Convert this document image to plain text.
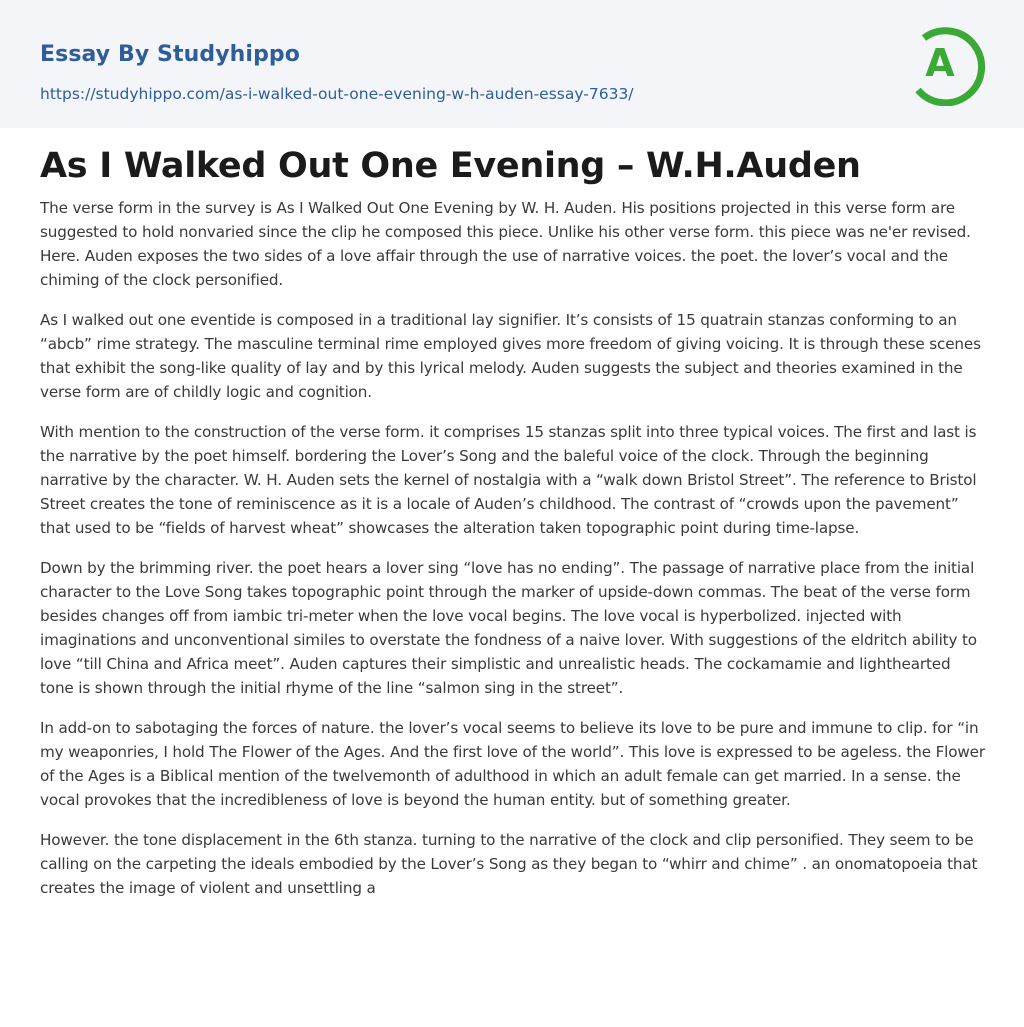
Essay By Studyhippo
https://studyhippo.com/as-i-walked-out-one-evening-w-h-auden-essay-7633/
A
As I Walked Out One Evening – W.H.Auden

The verse form in the survey is As I Walked Out One Evening by W. H. Auden. His positions projected in this verse form are suggested to hold nonvaried since the clip he composed this piece. Unlike his other verse form. this piece was ne'er revised. Here. Auden exposes the two sides of a love affair through the use of narrative voices. the poet. the lover’s vocal and the chiming of the clock personified.

As I walked out one eventide is composed in a traditional lay signifier. It’s consists of 15 quatrain stanzas conforming to an “abcb” rime strategy. The masculine terminal rime employed gives more freedom of giving voicing. It is through these scenes that exhibit the song-like quality of lay and by this lyrical melody. Auden suggests the subject and theories examined in the verse form are of childly logic and cognition.

With mention to the construction of the verse form. it comprises 15 stanzas split into three typical voices. The first and last is the narrative by the poet himself. bordering the Lover’s Song and the baleful voice of the clock. Through the beginning narrative by the character. W. H. Auden sets the kernel of nostalgia with a “walk down Bristol Street”. The reference to Bristol Street creates the tone of reminiscence as it is a locale of Auden’s childhood. The contrast of “crowds upon the pavement” that used to be “fields of harvest wheat” showcases the alteration taken topographic point during time-lapse.

Down by the brimming river. the poet hears a lover sing “love has no ending”. The passage of narrative place from the initial character to the Love Song takes topographic point through the marker of upside-down commas. The beat of the verse form besides changes off from iambic tri-meter when the love vocal begins. The love vocal is hyperbolized. injected with imaginations and unconventional similes to overstate the fondness of a naive lover. With suggestions of the eldritch ability to love “till China and Africa meet”. Auden captures their simplistic and unrealistic heads. The cockamamie and lighthearted tone is shown through the initial rhyme of the line “salmon sing in the street”.

In add-on to sabotaging the forces of nature. the lover’s vocal seems to believe its love to be pure and immune to clip. for “in my weaponries, I hold The Flower of the Ages. And the first love of the world”. This love is expressed to be ageless. the Flower of the Ages is a Biblical mention of the twelvemonth of adulthood in which an adult female can get married. In a sense. the vocal provokes that the incredibleness of love is beyond the human entity. but of something greater.

However. the tone displacement in the 6th stanza. turning to the narrative of the clock and clip personified. They seem to be calling on the carpeting the ideals embodied by the Lover’s Song as they began to “whirr and chime” . an onomatopoeia that creates the image of violent and unsettling a
